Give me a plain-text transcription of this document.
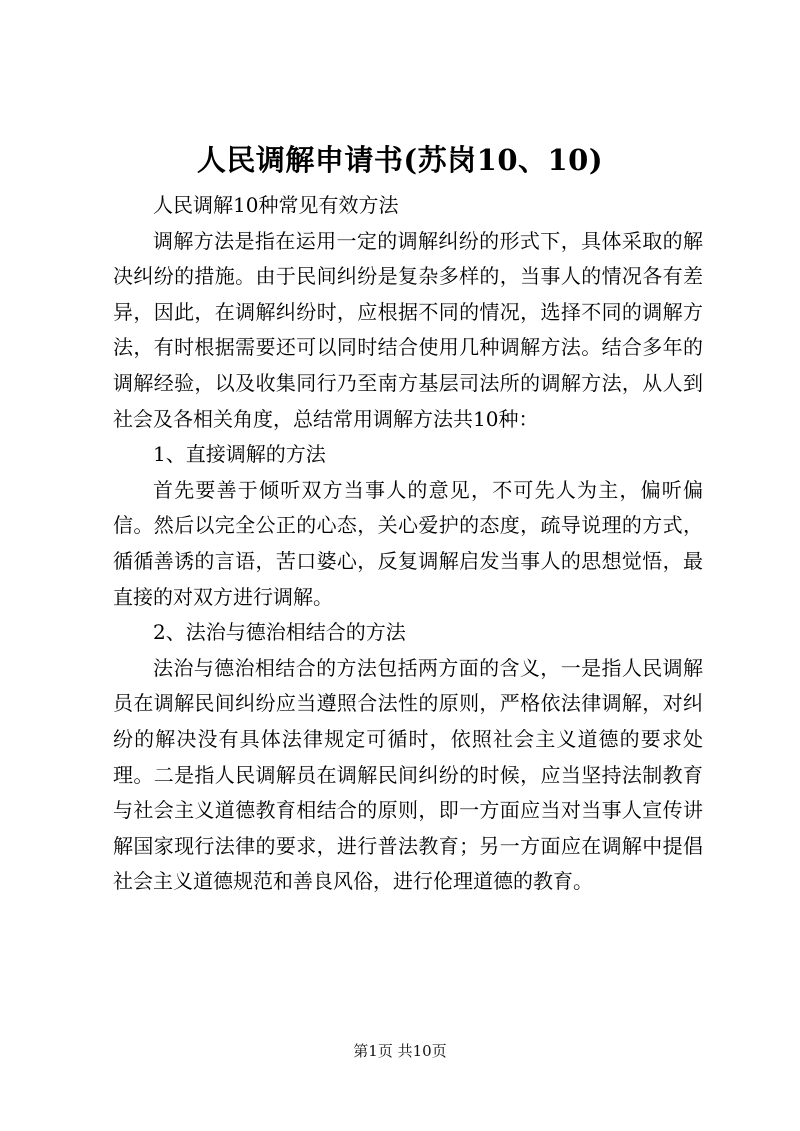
人民调解申请书(苏岗10、10)

人民调解10种常见有效方法

调解方法是指在运用一定的调解纠纷的形式下，具体采取的解决纠纷的措施。由于民间纠纷是复杂多样的，当事人的情况各有差异，因此，在调解纠纷时，应根据不同的情况，选择不同的调解方法，有时根据需要还可以同时结合使用几种调解方法。结合多年的调解经验，以及收集同行乃至南方基层司法所的调解方法，从人到社会及各相关角度，总结常用调解方法共10种：

1、直接调解的方法

首先要善于倾听双方当事人的意见，不可先人为主，偏听偏信。然后以完全公正的心态，关心爱护的态度，疏导说理的方式，循循善诱的言语，苦口婆心，反复调解启发当事人的思想觉悟，最直接的对双方进行调解。

2、法治与德治相结合的方法

法治与德治相结合的方法包括两方面的含义，一是指人民调解员在调解民间纠纷应当遵照合法性的原则，严格依法律调解，对纠纷的解决没有具体法律规定可循时，依照社会主义道德的要求处理。二是指人民调解员在调解民间纠纷的时候，应当坚持法制教育与社会主义道德教育相结合的原则，即一方面应当对当事人宣传讲解国家现行法律的要求，进行普法教育；另一方面应在调解中提倡社会主义道德规范和善良风俗，进行伦理道德的教育。

第1页 共10页
